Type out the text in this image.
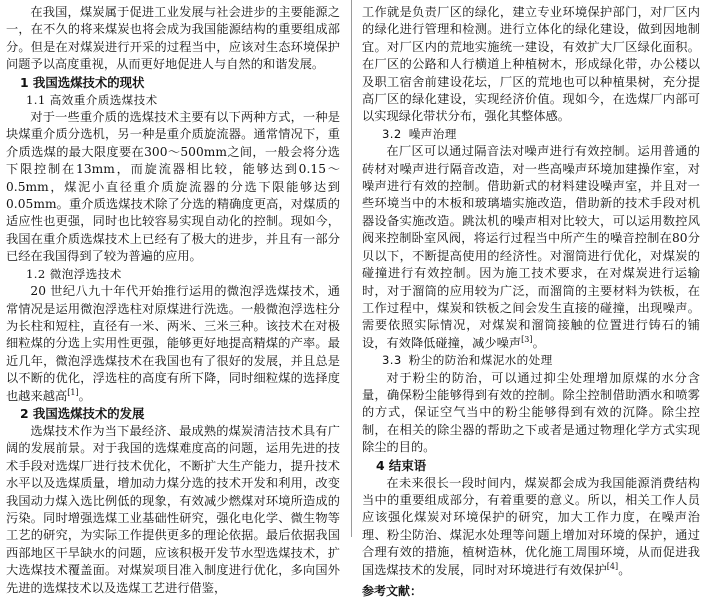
在我国，煤炭属于促进工业发展与社会进步的主要能源之一，在不久的将来煤炭也将会成为我国能源结构的重要组成部分。但是在对煤炭进行开采的过程当中，应该对生态环境保护问题予以高度重视，从而更好地促进人与自然的和谐发展。

1 我国选煤技术的现状
1.1 高效重介质选煤技术

对于一些重介质的选煤技术主要有以下两种方式，一种是块煤重介质分选机，另一种是重介质旋流器。通常情况下，重介质选煤的最大限度要在300～500mm之间，一般会将分选下限控制在13mm，而旋流器相比较，能够达到0.15～0.5mm，煤泥小直径重介质旋流器的分选下限能够达到0.05mm。重介质选煤技术除了分选的精确度更高，对煤质的适应性也更强，同时也比较容易实现自动化的控制。现如今，我国在重介质选煤技术上已经有了极大的进步，并且有一部分已经在我国得到了较为普遍的应用。

1.2 微泡浮选技术

20 世纪八九十年代开始推行运用的微泡浮选煤技术，通常情况是运用微泡浮选柱对原煤进行洗选。一般微泡浮选柱分为长柱和短柱，直径有一米、两米、三米三种。该技术在对极细粒煤的分选上实用性更强，能够更好地提高精煤的产率。最近几年，微泡浮选煤技术在我国也有了很好的发展，并且总是以不断的优化，浮选柱的高度有所下降，同时细粒煤的选择度也越来越高[1]。

2 我国选煤技术的发展

选煤技术作为当下最经济、最成熟的煤炭清洁技术具有广阔的发展前景。对于我国的选煤难度高的问题，运用先进的技术手段对选煤厂进行技术优化，不断扩大生产能力，提升技术水平以及选煤质量，增加动力煤分选的技术开发和利用，改变我国动力煤入选比例低的现象，有效减少燃煤对环境所造成的污染。同时增强选煤工业基础性研究，强化电化学、微生物等工艺的研究，为实际工作提供更多的理论依据。最后依据我国西部地区干旱缺水的问题，应该积极开发节水型选煤技术，扩大选煤技术覆盖面。对煤炭项目准入制度进行优化，多向国外先进的选煤技术以及选煤工艺进行借鉴，

工作就是负责厂区的绿化，建立专业环境保护部门，对厂区内的绿化进行管理和检测。进行立体化的绿化建设，做到因地制宜。对厂区内的荒地实施统一建设，有效扩大厂区绿化面积。在厂区的公路和人行横道上种植树木，形成绿化带，办公楼以及职工宿舍前建设花坛，厂区的荒地也可以种植果树，充分提高厂区的绿化建设，实现经济价值。现如今，在选煤厂内部可以实现绿化带状分布，强化其整体感。

3.2 噪声治理

在厂区可以通过隔音法对噪声进行有效控制。运用普通的砖材对噪声进行隔音改造，对一些高噪声环境加建操作室，对噪声进行有效的控制。借助新式的材料建设噪声室，并且对一些环境当中的木板和玻璃墙实施改造，借助新的技术手段对机器设备实施改造。跳汰机的噪声相对比较大，可以运用数控风阀来控制卧室风阀，将运行过程当中所产生的噪音控制在80分贝以下，不断提高使用的经济性。对溜筒进行优化，对煤炭的碰撞进行有效控制。因为施工技术要求，在对煤炭进行运输时，对于溜筒的应用较为广泛，而溜筒的主要材料为铁板，在工作过程中，煤炭和铁板之间会发生直接的碰撞，出现噪声。需要依照实际情况，对煤炭和溜筒接触的位置进行铸石的铺设，有效降低碰撞，减少噪声[3]。

3.3 粉尘的防治和煤泥水的处理

对于粉尘的防治，可以通过抑尘处理增加原煤的水分含量，确保粉尘能够得到有效的控制。除尘控制借助洒水和喷雾的方式，保证空气当中的粉尘能够得到有效的沉降。除尘控制，在相关的除尘器的帮助之下或者是通过物理化学方式实现除尘的目的。

4 结束语

在未来很长一段时间内，煤炭都会成为我国能源消费结构当中的重要组成部分，有着重要的意义。所以，相关工作人员应该强化煤炭对环境保护的研究，加大工作力度，在噪声治理、粉尘防治、煤泥水处理等问题上增加对环境的保护，通过合理有效的措施，植树造林，优化施工周围环境，从而促进我国选煤技术的发展，同时对环境进行有效保护[4]。

参考文献：
